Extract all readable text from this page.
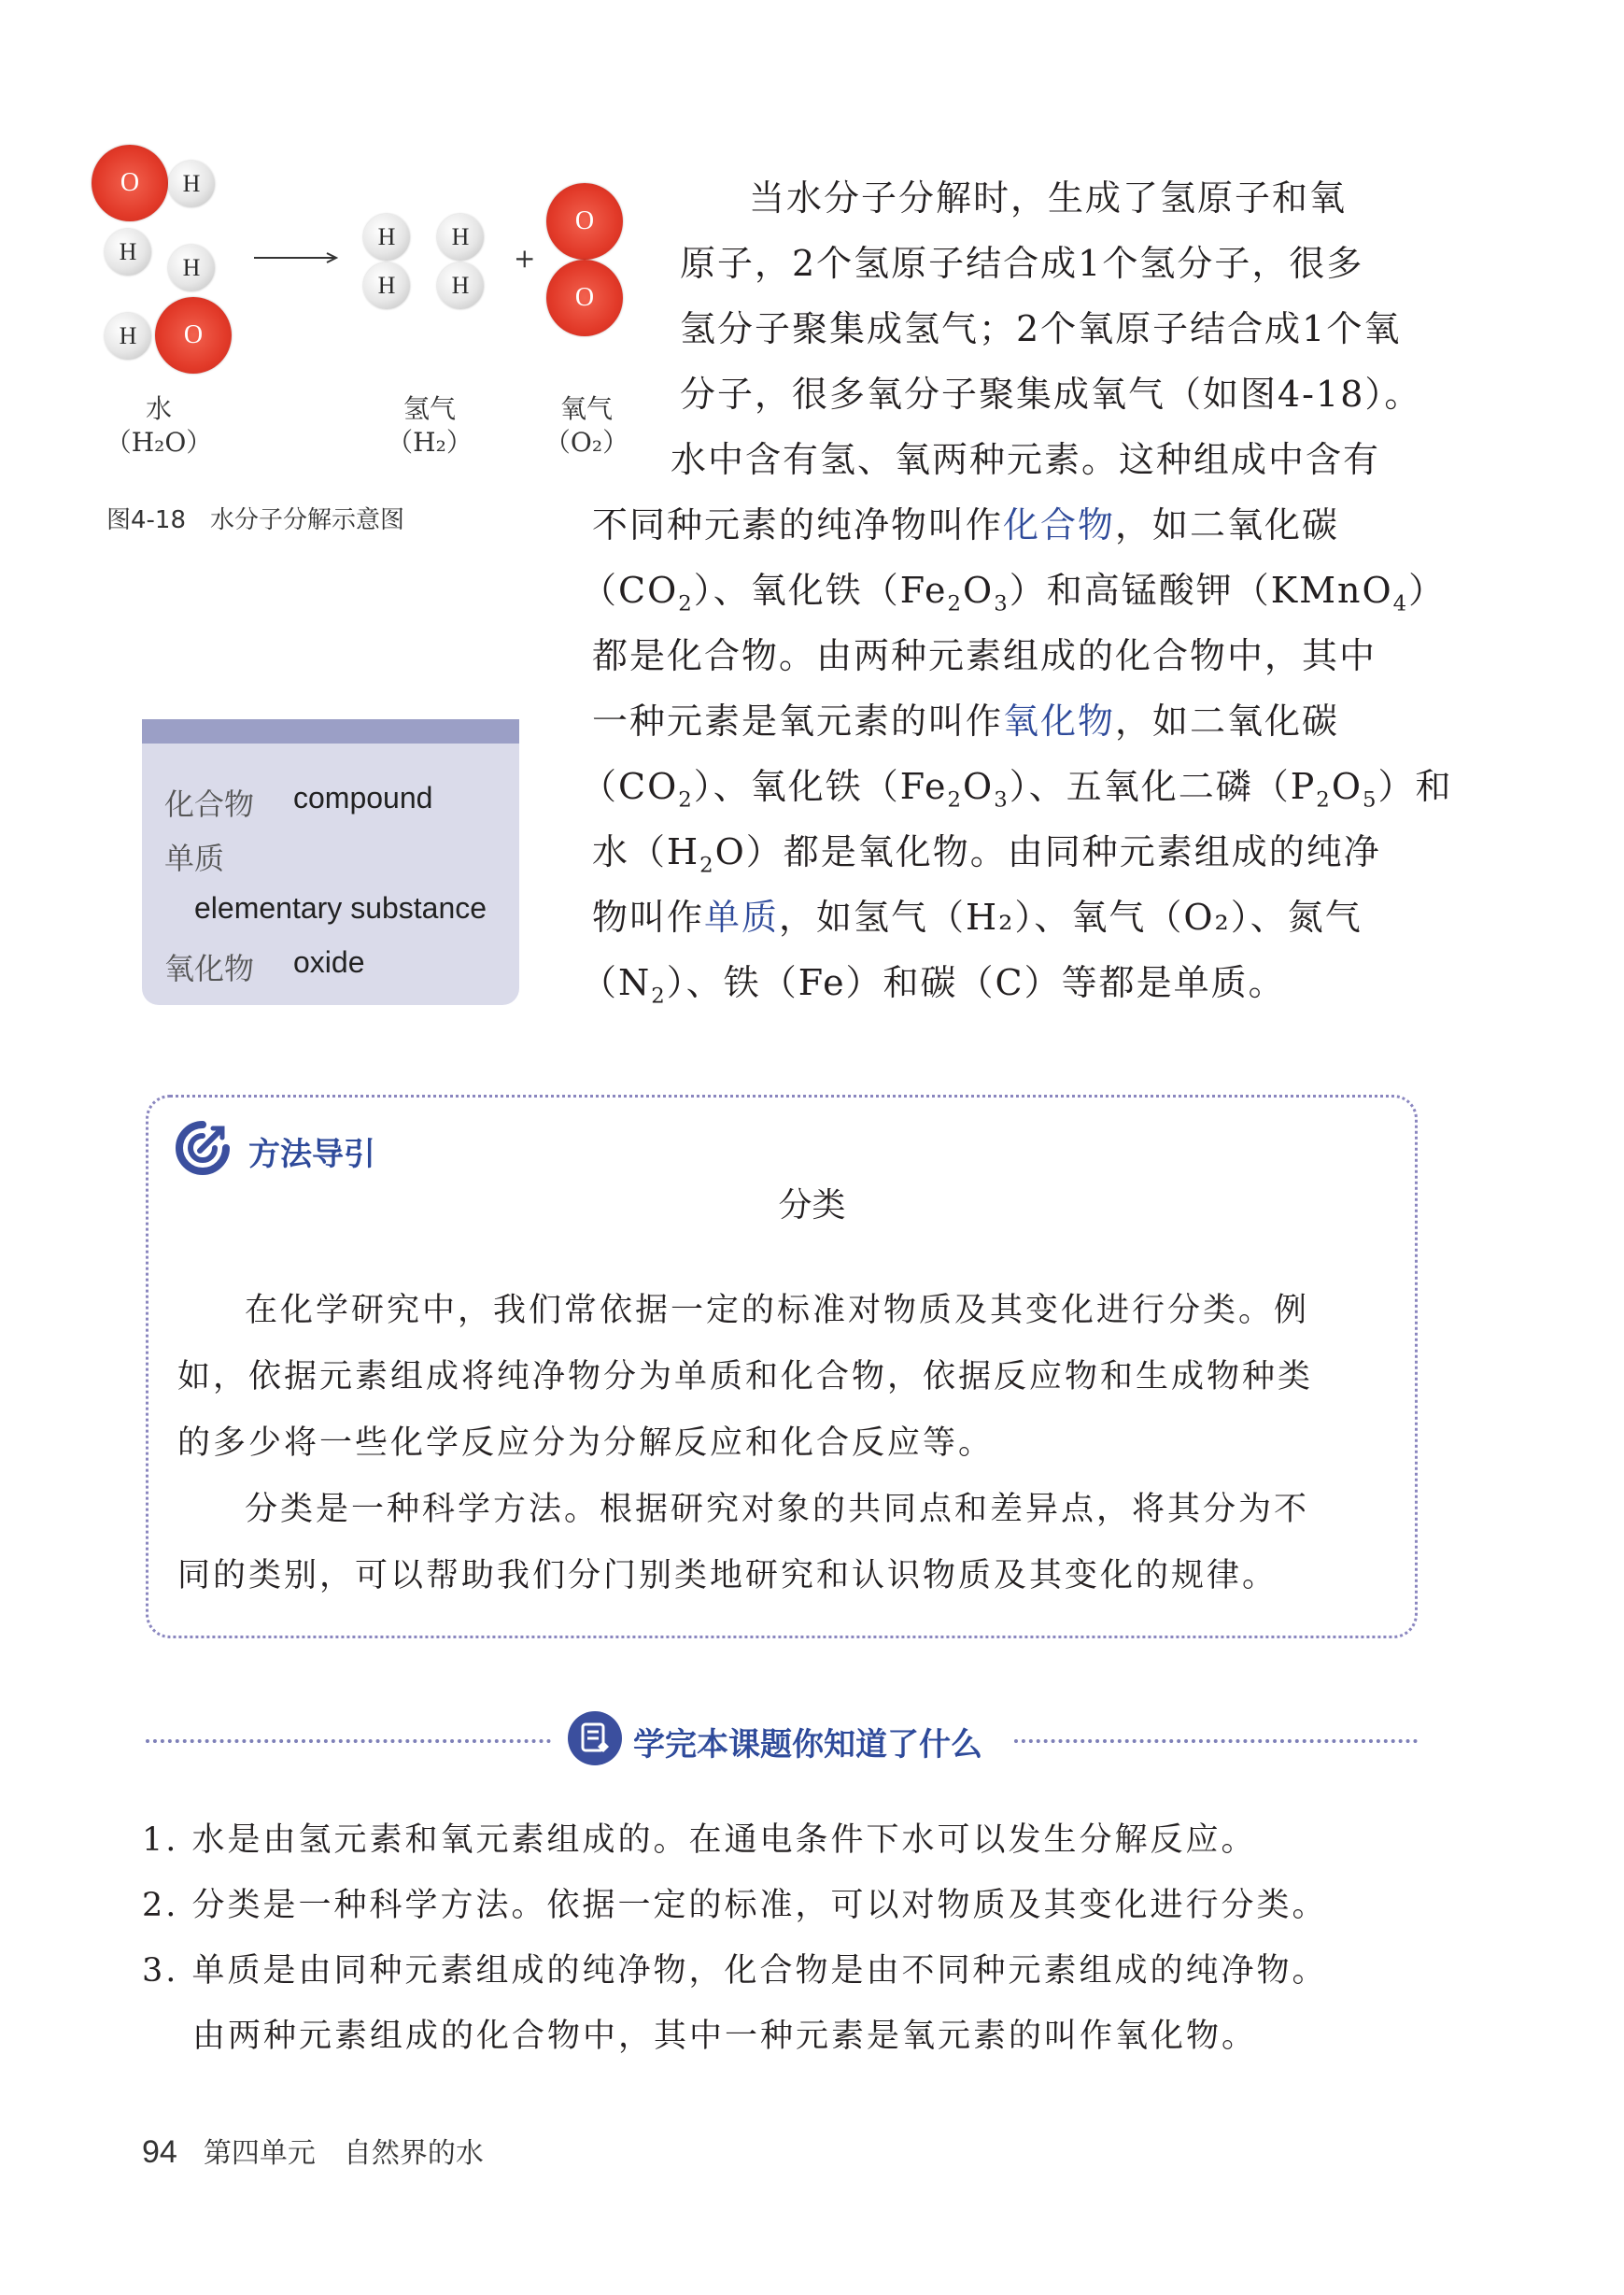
O	H
H
H
H	O
H
H
H
H
+
O
O
水
（H₂O）
氢气
（H₂）
氧气
（O₂）
图4-18　水分子分解示意图
当水分子分解时，生成了氢原子和氧
原子，2个氢原子结合成1个氢分子，很多
氢分子聚集成氢气；2个氧原子结合成1个氧
分子，很多氧分子聚集成氧气（如图4-18）。
水中含有氢、氧两种元素。这种组成中含有
不同种元素的纯净物叫作化合物，如二氧化碳
$(CO_2)$、氧化铁$(Fe_2O_3)$和高锰酸钾（KMnO$_4$）
都是化合物。由两种元素组成的化合物中，其中
一种元素是氧元素的叫作氧化物，如二氧化碳
$(CO_2)$、氧化铁$(Fe_2O_3)$、五氧化二磷$(P_2O_5)$和
水$(H_2O)$都是氧化物。由同种元素组成的纯净
物叫作单质，如氢气（H₂）、氧气（O₂）、氮气
$(N_2)$、铁（Fe）和碳（C）等都是单质。
化合物 compound
单质
elementary substance
氧化物 oxide
方法导引
分类
在化学研究中，我们常依据一定的标准对物质及其变化进行分类。例
如，依据元素组成将纯净物分为单质和化合物，依据反应物和生成物种类
的多少将一些化学反应分为分解反应和化合反应等。
分类是一种科学方法。根据研究对象的共同点和差异点，将其分为不
同的类别，可以帮助我们分门别类地研究和认识物质及其变化的规律。
学完本课题你知道了什么
1. 水是由氢元素和氧元素组成的。在通电条件下水可以发生分解反应。
2. 分类是一种科学方法。依据一定的标准，可以对物质及其变化进行分类。
3. 单质是由同种元素组成的纯净物，化合物是由不同种元素组成的纯净物。
由两种元素组成的化合物中，其中一种元素是氧元素的叫作氧化物。
94 第四单元　自然界的水
